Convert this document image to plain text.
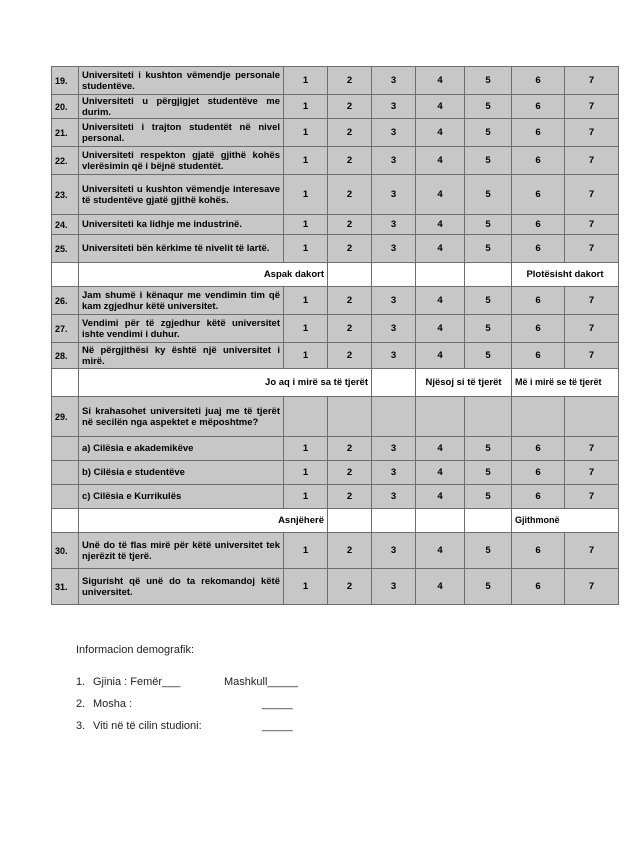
19.	Universiteti i kushton vëmendje personale studentëve.	1	2	3	4	5	6	7
20.	Universiteti u përgjigjet studentëve me durim.	1	2	3	4	5	6	7
21.	Universiteti i trajton studentët në nivel personal.	1	2	3	4	5	6	7
22.	Universiteti respekton gjatë gjithë kohës vlerësimin që i bëjnë studentët.	1	2	3	4	5	6	7
23.	Universiteti u kushton vëmendje interesave të studentëve gjatë gjithë kohës.	1	2	3	4	5	6	7
24.	Universiteti ka lidhje me industrinë.	1	2	3	4	5	6	7
25.	Universiteti bën kërkime të nivelit të lartë.	1	2	3	4	5	6	7
	Aspak dakort						Plotësisht dakort	
26.	Jam shumë i kënaqur me vendimin tim që kam zgjedhur këtë universitet.	1	2	3	4	5	6	7
27.	Vendimi për të zgjedhur këtë universitet ishte vendimi i duhur.	1	2	3	4	5	6	7
28.	Në përgjithësi ky është një universitet i mirë.	1	2	3	4	5	6	7
	Jo aq i mirë sa të tjerët				Njësoj si të tjerët		Më i mirë se të tjerët	
29.	Si krahasohet universiteti juaj me të tjerët në secilën nga aspektet e mëposhtme?							
	a) Cilësia e akademikëve	1	2	3	4	5	6	7
	b) Cilësia e studentëve	1	2	3	4	5	6	7
	c) Cilësia e Kurrikulës	1	2	3	4	5	6	7
	Asnjëherë						Gjithmonë	
30.	Unë do të flas mirë për këtë universitet tek njerëzit të tjerë.	1	2	3	4	5	6	7
31.	Sigurisht që unë do ta rekomandoj këtë universitet.	1	2	3	4	5	6	7
Informacion demografik:
1. Gjinia : Femër___	Mashkull_____
2. Mosha :	_____
3. Viti në të cilin studioni:	_____
